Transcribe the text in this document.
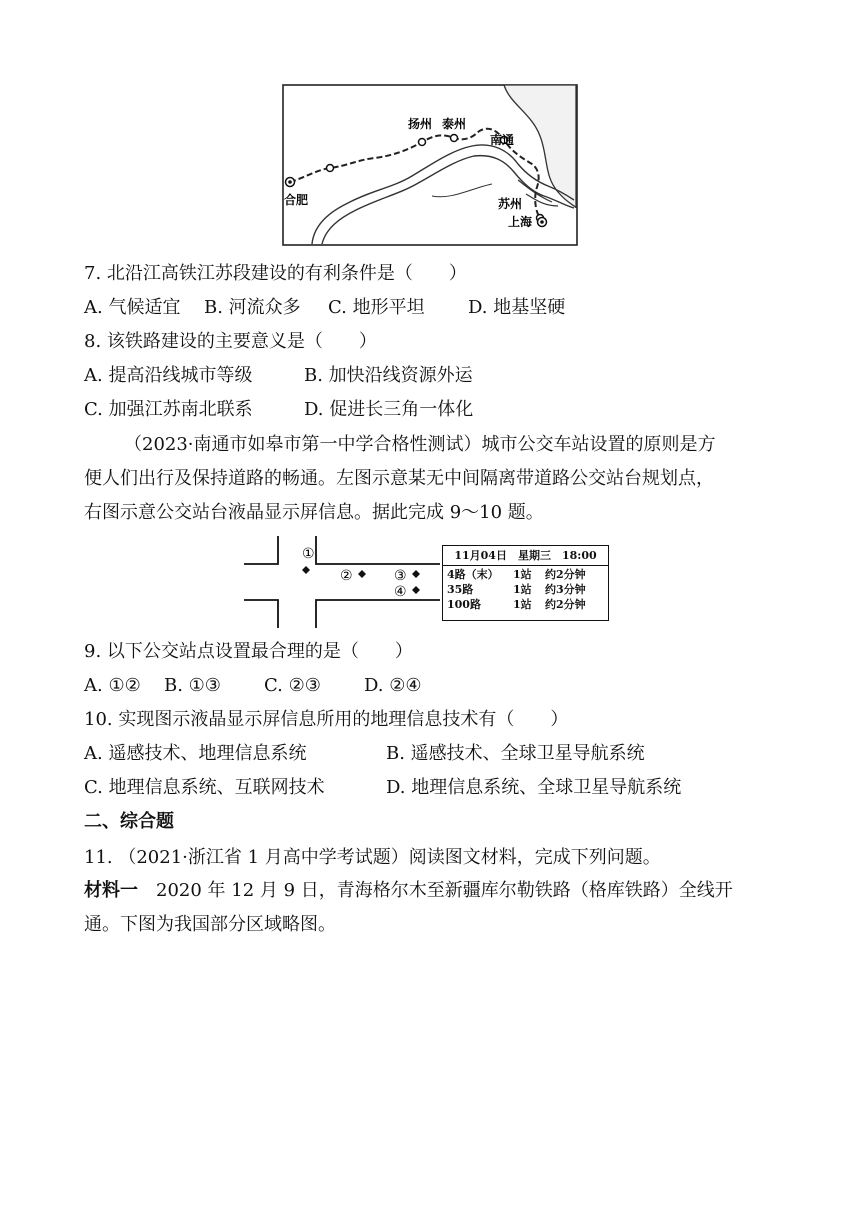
扬州 泰州
南通
合肥	苏州
上海
7. 北沿江高铁江苏段建设的有利条件是（　　）
A. 气候适宜 B. 河流众多 C. 地形平坦 D. 地基坚硬
8. 该铁路建设的主要意义是（　　）
A. 提高沿线城市等级	B. 加快沿线资源外运
C. 加强江苏南北联系	D. 促进长三角一体化
（2023·南通市如皋市第一中学合格性测试）城市公交车站设置的原则是方
便人们出行及保持道路的畅通。左图示意某无中间隔离带道路公交站台规划点，
右图示意公交站台液晶显示屏信息。据此完成 9～10 题。
①
②	③
④
11月04日　星期三　18:00
4路（末） 1站 约2分钟
35路	1站 约3分钟
100路	1站 约2分钟
9. 以下公交站点设置最合理的是（　　）
A. ①② B. ①③ C. ②③ D. ②④
10. 实现图示液晶显示屏信息所用的地理信息技术有（　　）
A. 遥感技术、地理信息系统	B. 遥感技术、全球卫星导航系统
C. 地理信息系统、互联网技术	D. 地理信息系统、全球卫星导航系统
二、综合题
11. （2021·浙江省 1 月高中学考试题）阅读图文材料，完成下列问题。
材料一　2020 年 12 月 9 日，青海格尔木至新疆库尔勒铁路（格库铁路）全线开
通。下图为我国部分区域略图。
